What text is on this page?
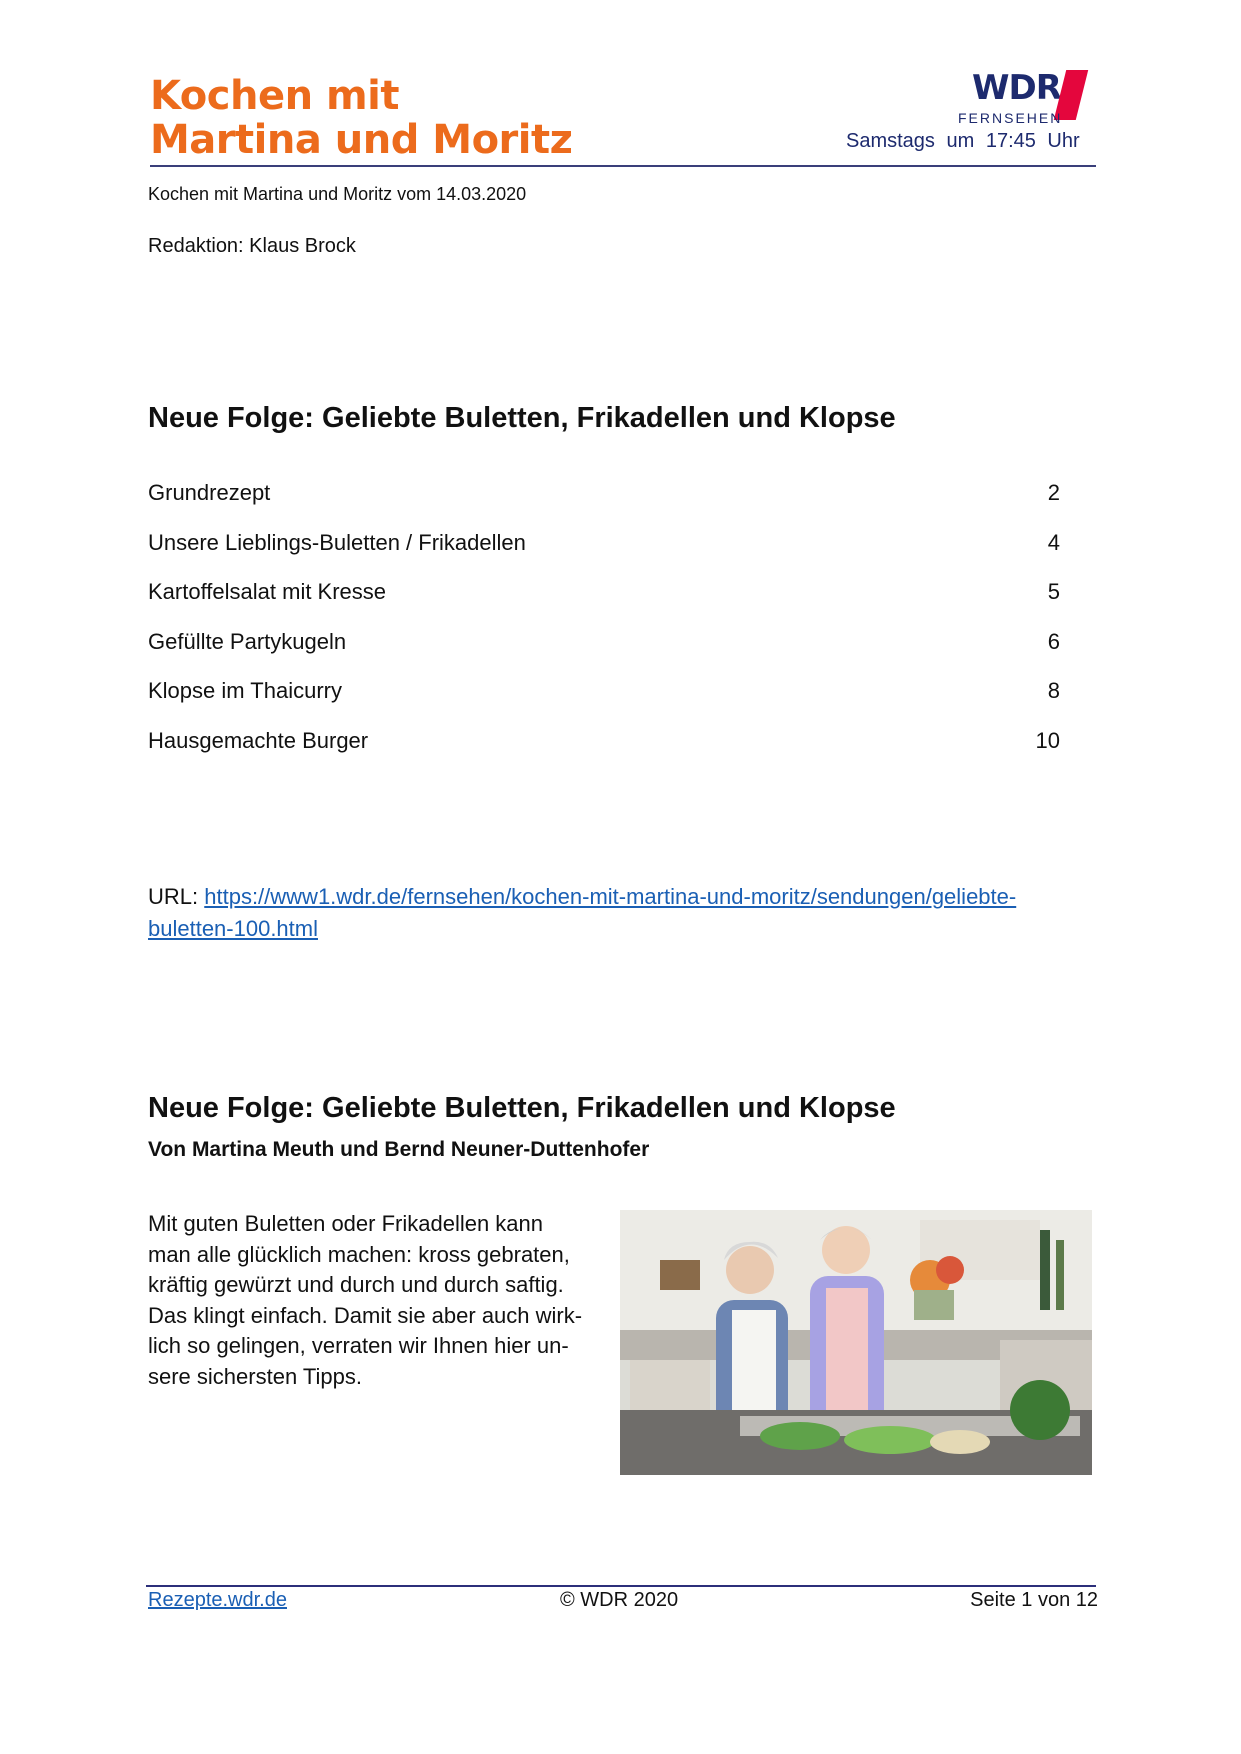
Kochen mit
Martina und Moritz
WDR
FERNSEHEN
Samstags um 17:45 Uhr
Kochen mit Martina und Moritz vom 14.03.2020
Redaktion: Klaus Brock
Neue Folge: Geliebte Buletten, Frikadellen und Klopse
Grundrezept	2
Unsere Lieblings-Buletten / Frikadellen	4
Kartoffelsalat mit Kresse	5
Gefüllte Partykugeln	6
Klopse im Thaicurry	8
Hausgemachte Burger	10
URL: https://www1.wdr.de/fernsehen/kochen-mit-martina-und-moritz/sendungen/geliebte-
buletten-100.html
Neue Folge: Geliebte Buletten, Frikadellen und Klopse
Von Martina Meuth und Bernd Neuner-Duttenhofer
Mit guten Buletten oder Frikadellen kann
man alle glücklich machen: kross gebraten,
kräftig gewürzt und durch und durch saftig.
Das klingt einfach. Damit sie aber auch wirk-
lich so gelingen, verraten wir Ihnen hier un-
sere sichersten Tipps.
Rezepte.wdr.de	© WDR 2020	Seite 1 von 12
